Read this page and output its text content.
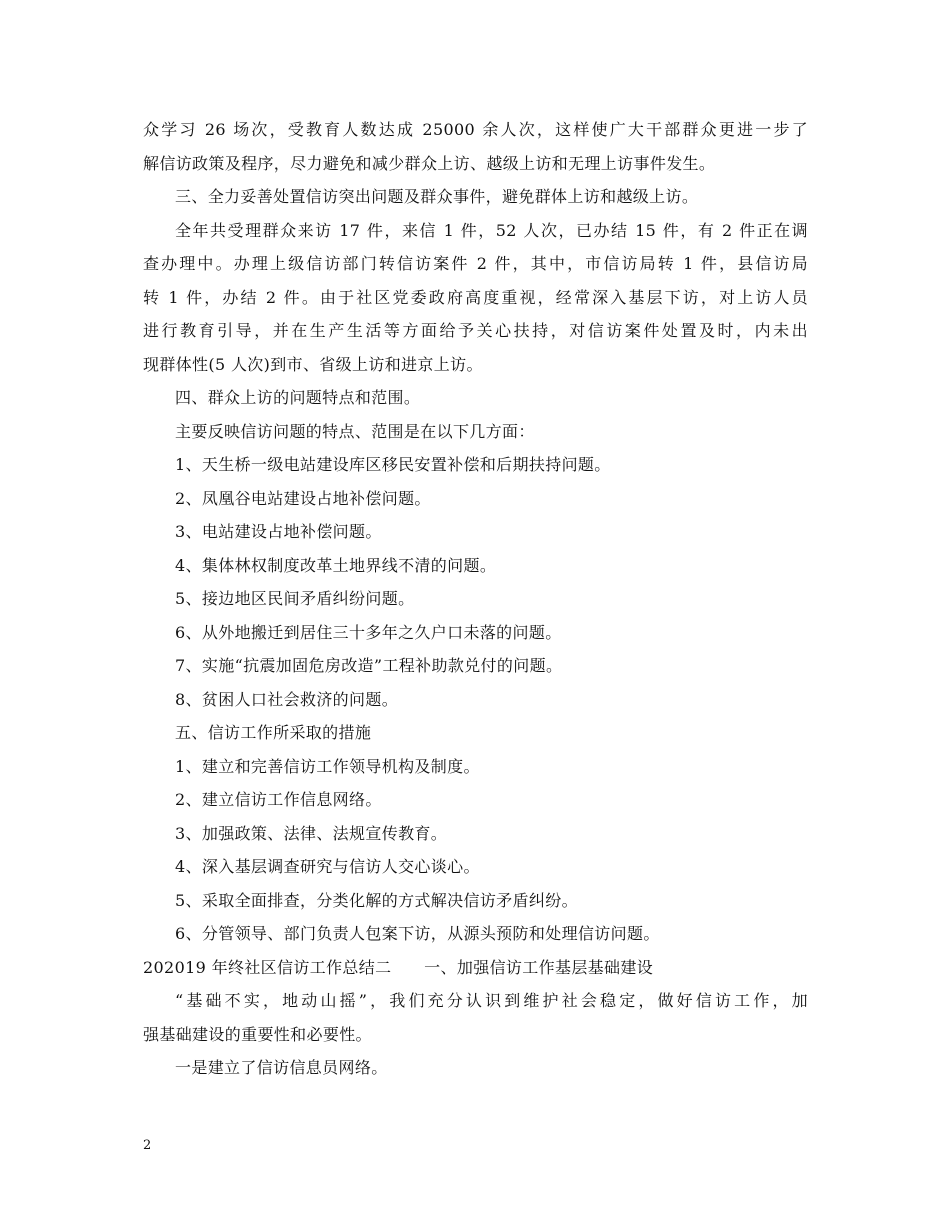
众学习 26 场次，受教育人数达成 25000 余人次，这样使广大干部群众更进一步了
解信访政策及程序，尽力避免和减少群众上访、越级上访和无理上访事件发生。
三、全力妥善处置信访突出问题及群众事件，避免群体上访和越级上访。
全年共受理群众来访 17 件，来信 1 件，52 人次，已办结 15 件，有 2 件正在调
查办理中。办理上级信访部门转信访案件 2 件，其中，市信访局转 1 件，县信访局
转 1 件，办结 2 件。由于社区党委政府高度重视，经常深入基层下访，对上访人员
进行教育引导，并在生产生活等方面给予关心扶持，对信访案件处置及时，内未出
现群体性(5 人次)到市、省级上访和进京上访。
四、群众上访的问题特点和范围。
主要反映信访问题的特点、范围是在以下几方面：
1、天生桥一级电站建设库区移民安置补偿和后期扶持问题。
2、凤凰谷电站建设占地补偿问题。
3、电站建设占地补偿问题。
4、集体林权制度改革土地界线不清的问题。
5、接边地区民间矛盾纠纷问题。
6、从外地搬迁到居住三十多年之久户口未落的问题。
7、实施“抗震加固危房改造”工程补助款兑付的问题。
8、贫困人口社会救济的问题。
五、信访工作所采取的措施
1、建立和完善信访工作领导机构及制度。
2、建立信访工作信息网络。
3、加强政策、法律、法规宣传教育。
4、深入基层调查研究与信访人交心谈心。
5、采取全面排查，分类化解的方式解决信访矛盾纠纷。
6、分管领导、部门负责人包案下访，从源头预防和处理信访问题。
202019 年终社区信访工作总结二　　一、加强信访工作基层基础建设
“基础不实，地动山摇”，我们充分认识到维护社会稳定，做好信访工作，加
强基础建设的重要性和必要性。
一是建立了信访信息员网络。
2
